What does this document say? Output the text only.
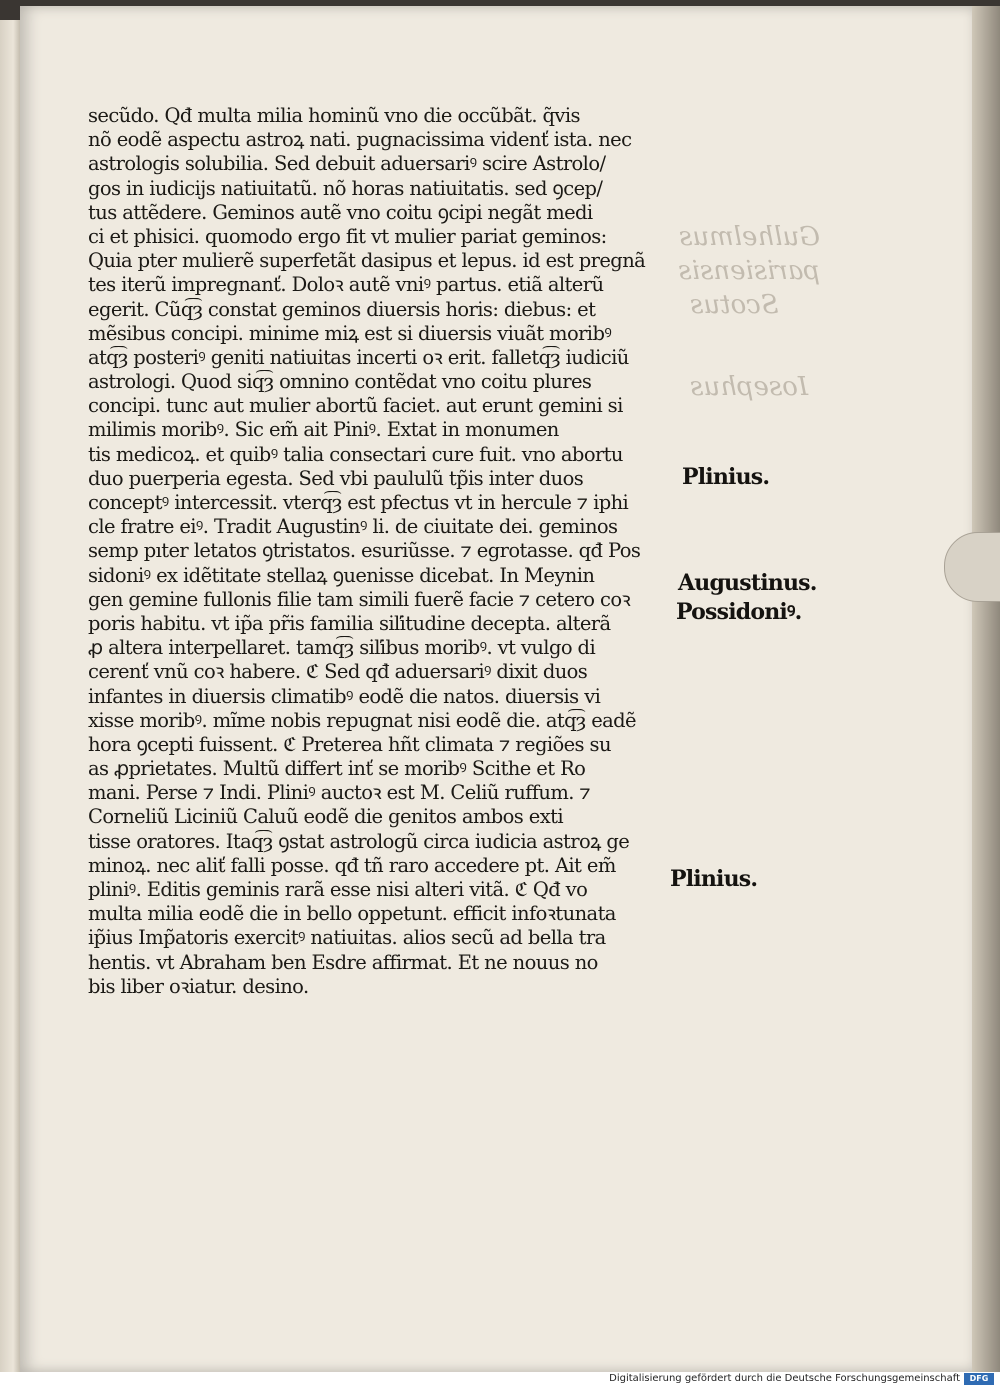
Gulhelmus
parisiensis
Scotus
Iosephus
secũdo. Qđ multa milia hominũ vno die occũbãt. q̃vis
nõ eodẽ aspectu astroꝝ nati. pugnacissima videnť ista. nec
astrologis solubilia. Sed debuit aduersariꝰ scire Astrolo/
gos in iudicijs natiuitatũ. nõ horas natiuitatis. sed ꝯcep/
tus attẽdere. Geminos autẽ vno coitu ꝯcipi negãt medi
ci et phisici. quomodo ergo fit vt mulier pariat geminos:
Quia pter mulierẽ superfetãt dasipus et lepus. id est pregnã
tes iterũ impregnanť. Doloꝛ autẽ vniꝰ partus. etiã alterũ
egerit. Cũq͡ȝ constat geminos diuersis horis: diebus: et
mẽsibus concipi. minime miꝝ est si diuersis viuãt moribꝰ
atq͡ȝ posteriꝰ geniti natiuitas incerti oꝛ erit. falletq͡ȝ iudiciũ
astrologi. Quod siq͡ȝ omnino contẽdat vno coitu plures
concipi. tunc aut mulier abortũ faciet. aut erunt gemini si
milimis moribꝰ. Sic em̃ ait Piniꝰ. Extat in monumen
tis medicoꝝ. et quibꝰ talia consectari cure fuit. vno abortu
duo puerperia egesta. Sed vbi paululũ tp̃is inter duos
conceptꝰ intercessit. vterq͡ȝ est pfectus vt in hercule ⁊ iphi
cle fratre eiꝰ. Tradit Augustinꝰ li. de ciuitate dei. geminos
semp pıter letatos ꝯtristatos. esuriũsse. ⁊ egrotasse. qđ Pos
sidoniꝰ ex idẽtitate stellaꝝ ꝯuenisse dicebat. In Meynin
gen gemine fullonis filie tam simili fuerẽ facie ⁊ cetero coꝛ
poris habitu. vt ip̃a pr̃is familia siľitudine decepta. alterã
ꝓ altera interpellaret. tamq͡ȝ siľibus moribꝰ. vt vulgo di
cerenť vnũ coꝛ habere. ℭ Sed qđ aduersariꝰ dixit duos
infantes in diuersis climatibꝰ eodẽ die natos. diuersis vi
xisse moribꝰ. mĩme nobis repugnat nisi eodẽ die. atq͡ȝ eadẽ
hora ꝯcepti fuissent. ℭ Preterea hñt climata ⁊ regiões su
as ꝓprietates. Multũ differt inť se moribꝰ Scithe et Ro
mani. Perse ⁊ Indi. Pliniꝰ auctoꝛ est M. Celiũ ruffum. ⁊
Corneliũ Liciniũ Caluũ eodẽ die genitos ambos exti
tisse oratores. Itaq͡ȝ ꝯstat astrologũ circa iudicia astroꝝ ge
minoꝝ. nec aliť falli posse. qđ tñ raro accedere pt. Ait em̃
pliniꝰ. Editis geminis rarã esse nisi alteri vitã. ℭ Qđ vo
multa milia eodẽ die in bello oppetunt. efficit infoꝛtunata
ip̃ius Imp̃atoris exercitꝰ natiuitas. alios secũ ad bella tra
hentis. vt Abraham ben Esdre affirmat. Et ne nouus no
bis liber oꝛiatur. desino.
Plinius.
Augustinus.
Possidoniꝰ.
Plinius.
Digitalisierung gefördert durch die Deutsche Forschungsgemeinschaft	DFG
